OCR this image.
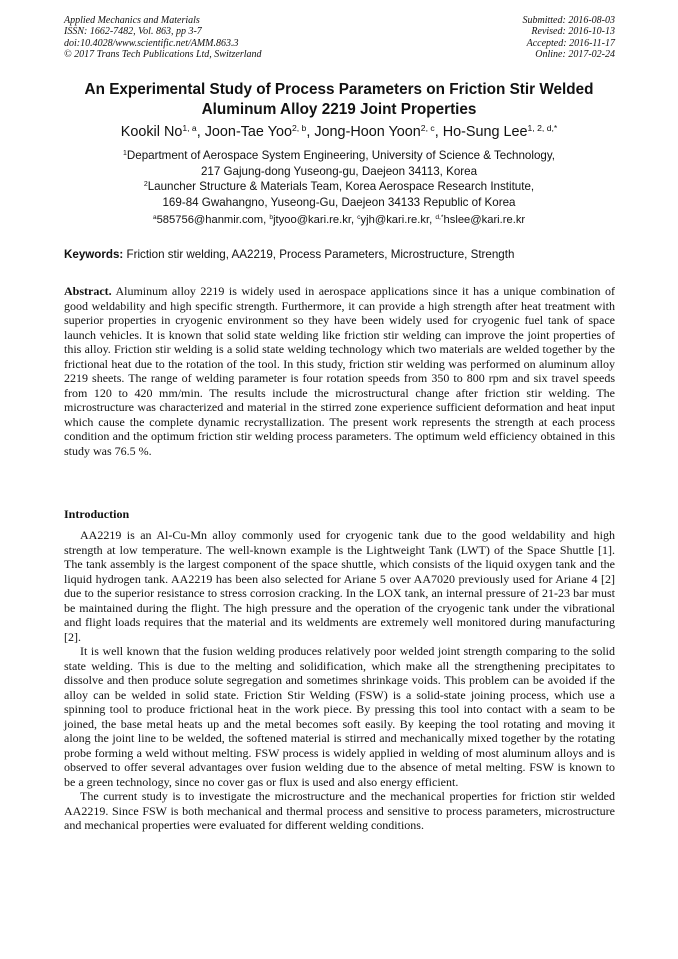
Applied Mechanics and Materials
ISSN: 1662-7482, Vol. 863, pp 3-7
doi:10.4028/www.scientific.net/AMM.863.3
© 2017 Trans Tech Publications Ltd, Switzerland
Submitted: 2016-08-03
Revised: 2016-10-13
Accepted: 2016-11-17
Online: 2017-02-24
An Experimental Study of Process Parameters on Friction Stir Welded
Aluminum Alloy 2219 Joint Properties
Kookil No$^{1, a}$, Joon-Tae Yoo$^{2, b}$, Jong-Hoon Yoon$^{2, c}$, Ho-Sung Lee$^{1, 2, d,*}$
$^1$Department of Aerospace System Engineering, University of Science & Technology,
217 Gajung-dong Yuseong-gu, Daejeon 34113, Korea
$^2$Launcher Structure & Materials Team, Korea Aerospace Research Institute,
169-84 Gwahangno, Yuseong-Gu, Daejeon 34133 Republic of Korea
$^a$585756@hanmir.com, $^b$jtyoo@kari.re.kr, $^c$yjh@kari.re.kr, $^{d,*}$hslee@kari.re.kr
Keywords: Friction stir welding, AA2219, Process Parameters, Microstructure, Strength
Abstract. Aluminum alloy 2219 is widely used in aerospace applications since it has a unique combination of good weldability and high specific strength. Furthermore, it can provide a high strength after heat treatment with superior properties in cryogenic environment so they have been widely used for cryogenic fuel tank of space launch vehicles. It is known that solid state welding like friction stir welding can improve the joint properties of this alloy. Friction stir welding is a solid state welding technology which two materials are welded together by the frictional heat due to the rotation of the tool. In this study, friction stir welding was performed on aluminum alloy 2219 sheets. The range of welding parameter is four rotation speeds from 350 to 800 rpm and six travel speeds from 120 to 420 mm/min. The results include the microstructural change after friction stir welding. The microstructure was characterized and material in the stirred zone experience sufficient deformation and heat input which cause the complete dynamic recrystallization. The present work represents the strength at each process condition and the optimum friction stir welding process parameters. The optimum weld efficiency obtained in this study was 76.5 %.
Introduction

AA2219 is an Al-Cu-Mn alloy commonly used for cryogenic tank due to the good weldability and high strength at low temperature. The well-known example is the Lightweight Tank (LWT) of the Space Shuttle [1]. The tank assembly is the largest component of the space shuttle, which consists of the liquid oxygen tank and the liquid hydrogen tank. AA2219 has been also selected for Ariane 5 over AA7020 previously used for Ariane 4 [2] due to the superior resistance to stress corrosion cracking. In the LOX tank, an internal pressure of 21-23 bar must be maintained during the flight. The high pressure and the operation of the cryogenic tank under the vibrational and flight loads requires that the material and its weldments are extremely well monitored during manufacturing [2].

It is well known that the fusion welding produces relatively poor welded joint strength comparing to the solid state welding. This is due to the melting and solidification, which make all the strengthening precipitates to dissolve and then produce solute segregation and sometimes shrinkage voids. This problem can be avoided if the alloy can be welded in solid state. Friction Stir Welding (FSW) is a solid-state joining process, which use a spinning tool to produce frictional heat in the work piece. By pressing this tool into contact with a seam to be joined, the base metal heats up and the metal becomes soft easily. By keeping the tool rotating and moving it along the joint line to be welded, the softened material is stirred and mechanically mixed together by the rotating probe forming a weld without melting. FSW process is widely applied in welding of most aluminum alloys and is observed to offer several advantages over fusion welding due to the absence of metal melting. FSW is known to be a green technology, since no cover gas or flux is used and also energy efficient.

The current study is to investigate the microstructure and the mechanical properties for friction stir welded AA2219. Since FSW is both mechanical and thermal process and sensitive to process parameters, microstructure and mechanical properties were evaluated for different welding conditions.
